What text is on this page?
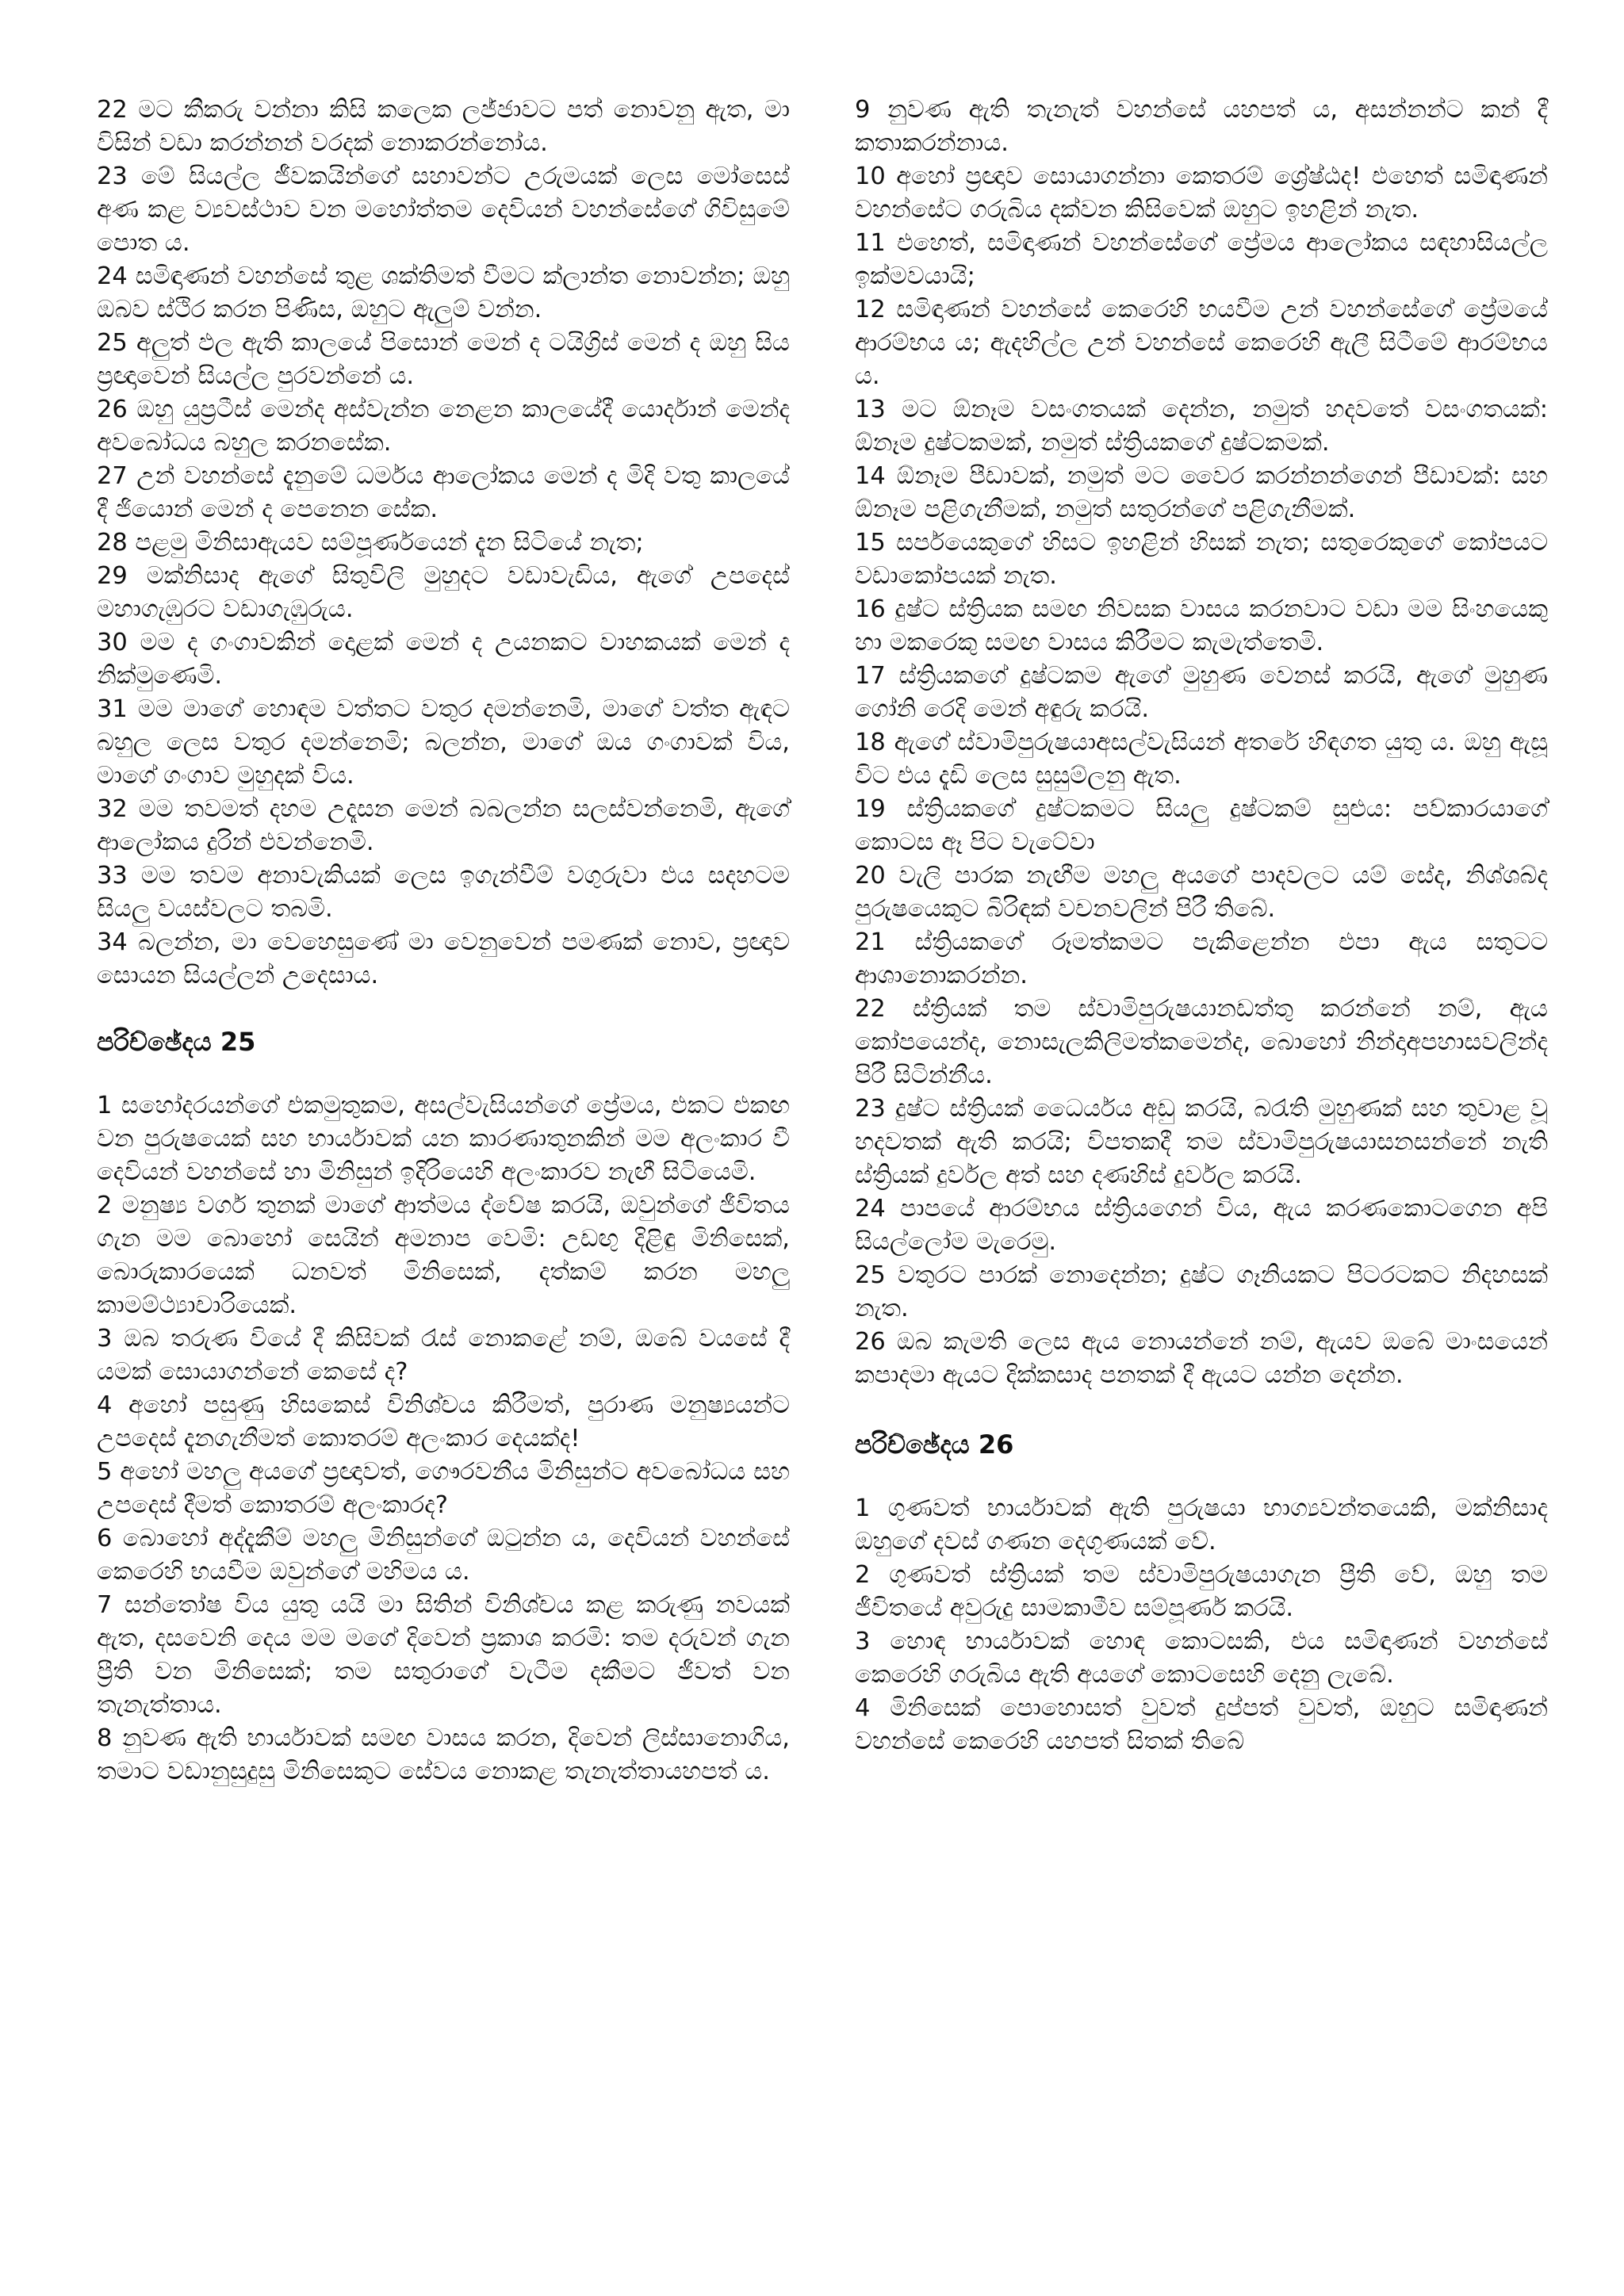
22 මට කීකරු වන්නා කිසි කලෙක ලජ්ජාවට පත් නොවනු ඇත, මා විසින් වඩා කරන්නන් වරදක් නොකරන්නෝය.

23 මේ සියල්ල ජීවකයින්ගේ සහාවන්ට උරුමයක් ලෙස මෝසෙස් අණ කළ ව්‍යවස්ථාව වන මහෝත්තම දෙවියන් වහන්සේගේ ගිවිසුමේ පොත ය.

24 සමිඳාණන් වහන්සේ තුළ ශක්තිමත් වීමට ක්ලාන්ත නොවන්න; ඔහු ඔබව ස්ථිර කරන පිණිස, ඔහුට ඇලුම් වන්න.

25 අලුත් ඵල ඇති කාලයේ පිසොන් මෙන් ද ටයිග්‍රිස් මෙන් ද ඔහු සිය ප්‍රඥාවෙන් සියල්ල පුරවන්නේ ය.

26 ඔහු යුප්‍රටීස් මෙන්ද අස්වැන්න නෙළන කාලයේදී යොර්දාන් මෙන්ද අවබෝධය බහුල කරනසේක.

27 උන් වහන්සේ දැනුමේ ධර්මය ආලෝකය මෙන් ද මිදි වතු කාලයේ දී ජියොන් මෙන් ද පෙනෙන සේක.

28 පළමු මිනිසාඇයව සම්පූර්ණයෙන් දැන සිටියේ නැත;

29 මක්නිසාද ඇගේ සිතුවිලි මුහුදට වඩාවැඩිය, ඇගේ උපදෙස් මහාගැඹුරට වඩාගැඹුරුය.

30 මම ද ගංගාවකින් දොළක් මෙන් ද උයනකට වාහකයක් මෙන් ද නික්මුණෙමි.

31 මම මාගේ හොඳම වත්තට වතුර දමන්නෙමි, මාගේ වත්ත ඇඳට බහුල ලෙස වතුර දමන්නෙමි; බලන්න, මාගේ ඔය ගංගාවක් විය, මාගේ ගංගාව මුහුදක් විය.

32 මම තවමත් දහම උදෑසන මෙන් බබලන්න සලස්වන්නෙමි, ඇගේ ආලෝකය දුරින් එවන්නෙමි.

33 මම තවම අනාවැකියක් ලෙස ඉගැන්වීම් වගුරුවා එය සදහටම සියලු වයස්වලට තබමි.

34 බලන්න, මා වෙහෙසුණේ මා වෙනුවෙන් පමණක් නොව, ප්‍රඥාව සොයන සියල්ලන් උදෙසාය.

පරිච්ඡේදය 25

1 සහෝදරයන්ගේ එකමුතුකම, අසල්වැසියන්ගේ ප්‍රේමය, එකට එකඟ වන පුරුෂයෙක් සහ භාර්යාවක් යන කාරණාතුනකින් මම අලංකාර වී දෙවියන් වහන්සේ හා මිනිසුන් ඉදිරියෙහි අලංකාරව නැඟී සිටියෙමි.

2 මනුෂ්‍ය වර්ග තුනක් මාගේ ආත්මය ද්වේෂ කරයි, ඔවුන්ගේ ජීවිතය ගැන මම බොහෝ සෙයින් අමනාප වෙමි: උඩඟු දිළිඳු මිනිසෙක්, බොරුකාරයෙක් ධනවත් මිනිසෙක්, දත්කම් කරන මහලු කාමම්ථ්‍යාචාරියෙක්.

3 ඔබ තරුණ වියේ දී කිසිවක් රැස් නොකළේ නම්, ඔබේ වයසේ දී යමක් සොයාගන්නේ කෙසේ ද?

4 අහෝ පසුණු හිසකෙස් විනිශ්චය කිරීමත්, පුරාණ මනුෂ්‍යයන්ට උපදෙස් දැනගැනීමත් කොතරම් අලංකාර දෙයක්ද!

5 අහෝ මහලු අයගේ ප්‍රඥාවත්, ගෞරවනීය මිනිසුන්ට අවබෝධය සහ උපදෙස් දීමත් කොතරම් අලංකාරද?

6 බොහෝ අද්දැකීම් මහලු මිනිසුන්ගේ ඔටුන්න ය, දෙවියන් වහන්සේ කෙරෙහි භයවීම ඔවුන්ගේ මහිමය ය.

7 සන්තෝෂ විය යුතු යයි මා සිතින් විනිශ්චය කළ කරුණු නවයක් ඇත, දසවෙනි දෙය මම මගේ දිවෙන් ප්‍රකාශ කරමි: තම දරුවන් ගැන ප්‍රීති වන මිනිසෙක්; තම සතුරාගේ වැටීම දකීමට ජීවත් වන තැනැත්තාය.

8 නුවණ ඇති භාර්යාවක් සමඟ වාසය කරන, දිවෙන් ලිස්සානොගිය, තමාට වඩානුසුදුසු මිනිසෙකුට සේවය නොකළ තැනැත්තායහපත් ය.

9 නුවණ ඇති තැනැත් වහන්සේ යහපත් ය, අසන්නන්ට කන් දී කතාකරන්නාය.

10 අහෝ ප්‍රඥාව සොයාගන්නා කෙතරම් ශ්‍රේෂ්ඨද! එහෙත් සමිඳාණන් වහන්සේට ගරුබිය දක්වන කිසිවෙක් ඔහුට ඉහළින් නැත.

11 එහෙත්, සමිඳාණන් වහන්සේගේ ප්‍රේමය ආලෝකය සඳහාසියල්ල ඉක්මවයායි;

12 සමිඳාණන් වහන්සේ කෙරෙහි භයවීම උන් වහන්සේගේ ප්‍රේමයේ ආරම්භය ය; ඇදහිල්ල උන් වහන්සේ කෙරෙහි ඇලී සිටීමේ ආරම්භය ය.

13 මට ඕනෑම වසංගතයක් දෙන්න, නමුත් හදවතේ වසංගතයක්: ඕනෑම දුෂ්ටකමක්, නමුත් ස්ත්‍රියකගේ දුෂ්ටකමක්.

14 ඕනෑම පීඩාවක්, නමුත් මට වෛර කරන්නන්ගෙන් පීඩාවක්: සහ ඕනෑම පළිගැනීමක්, නමුත් සතුරන්ගේ පළිගැනීමක්.

15 සර්පයෙකුගේ හිසට ඉහළින් හිසක් නැත; සතුරෙකුගේ කෝපයට වඩාකෝපයක් නැත.

16 දුෂ්ට ස්ත්‍රියක සමඟ නිවසක වාසය කරනවාට වඩා මම සිංහයෙකු හා මකරෙකු සමඟ වාසය කිරීමට කැමැත්තෙමි.

17 ස්ත්‍රියකගේ දුෂ්ටකම ඇගේ මුහුණ වෙනස් කරයි, ඇගේ මුහුණ ගෝනි රෙදි මෙන් අඳුරු කරයි.

18 ඇගේ ස්වාමිපුරුෂයාඅසල්වැසියන් අතරේ හිඳගත යුතු ය. ඔහු ඇසූ විට එය දැඩි ලෙස සුසුම්ලනු ඇත.

19 ස්ත්‍රියකගේ දුෂ්ටකමට සියලු දුෂ්ටකම් සුළුය: පව්කාරයාගේ කොටස ඈ පිට වැටේවා

20 වැලි පාරක නැඟීම මහලු අයගේ පාදවලට යම් සේද, නිශ්ශබ්ද පුරුෂයෙකුට බිරිඳක් වචනවලින් පිරී තිබේ.

21 ස්ත්‍රියකගේ රූමත්කමට පැකිළෙන්න එපා ඇය සතුටට ආශානොකරන්න.

22 ස්ත්‍රියක් තම ස්වාමිපුරුෂයානඩත්තු කරන්නේ නම්, ඇය කෝපයෙන්ද, නොසැලකිලිමත්කමෙන්ද, බොහෝ නින්දාඅපහාසවලින්ද පිරී සිටින්නීය.

23 දුෂ්ට ස්ත්‍රියක් ධෛර්යය අඩු කරයි, බරැති මුහුණක් සහ තුවාළ වූ හදවතක් ඇති කරයි; විපතකදී තම ස්වාමිපුරුෂයාසනසන්නේ නැති ස්ත්‍රියක් දුර්වල අත් සහ දණහිස් දුර්වල කරයි.

24 පාපයේ ආරම්භය ස්ත්‍රියගෙන් විය, ඇය කරණකොටගෙන අපි සියල්ලෝම මැරෙමු.

25 වතුරට පාරක් නොදෙන්න; දුෂ්ට ගෑනියකට පිටරටකට නිදහසක් නැත.

26 ඔබ කැමති ලෙස ඇය නොයන්නේ නම්, ඇයව ඔබේ මාංසයෙන් කපාදමා ඇයට දික්කසාද පනතක් දී ඇයට යන්න දෙන්න.

පරිච්ඡේදය 26

1 ගුණවත් භාර්යාවක් ඇති පුරුෂයා භාග්‍යවන්තයෙකි, මක්නිසාද ඔහුගේ දවස් ගණන දෙගුණයක් වේ.

2 ගුණවත් ස්ත්‍රියක් තම ස්වාමිපුරුෂයාගැන ප්‍රීති වේ, ඔහු තම ජීවිතයේ අවුරුදු සාමකාමීව සම්පූර්ණ කරයි.

3 හොඳ භාර්යාවක් හොඳ කොටසකි, එය සමිඳාණන් වහන්සේ කෙරෙහි ගරුබිය ඇති අයගේ කොටසෙහි දෙනු ලැබේ.

4 මිනිසෙක් පොහොසත් වුවත් දුප්පත් වුවත්, ඔහුට සමිඳාණන් වහන්සේ කෙරෙහි යහපත් සිතක් තිබේ
